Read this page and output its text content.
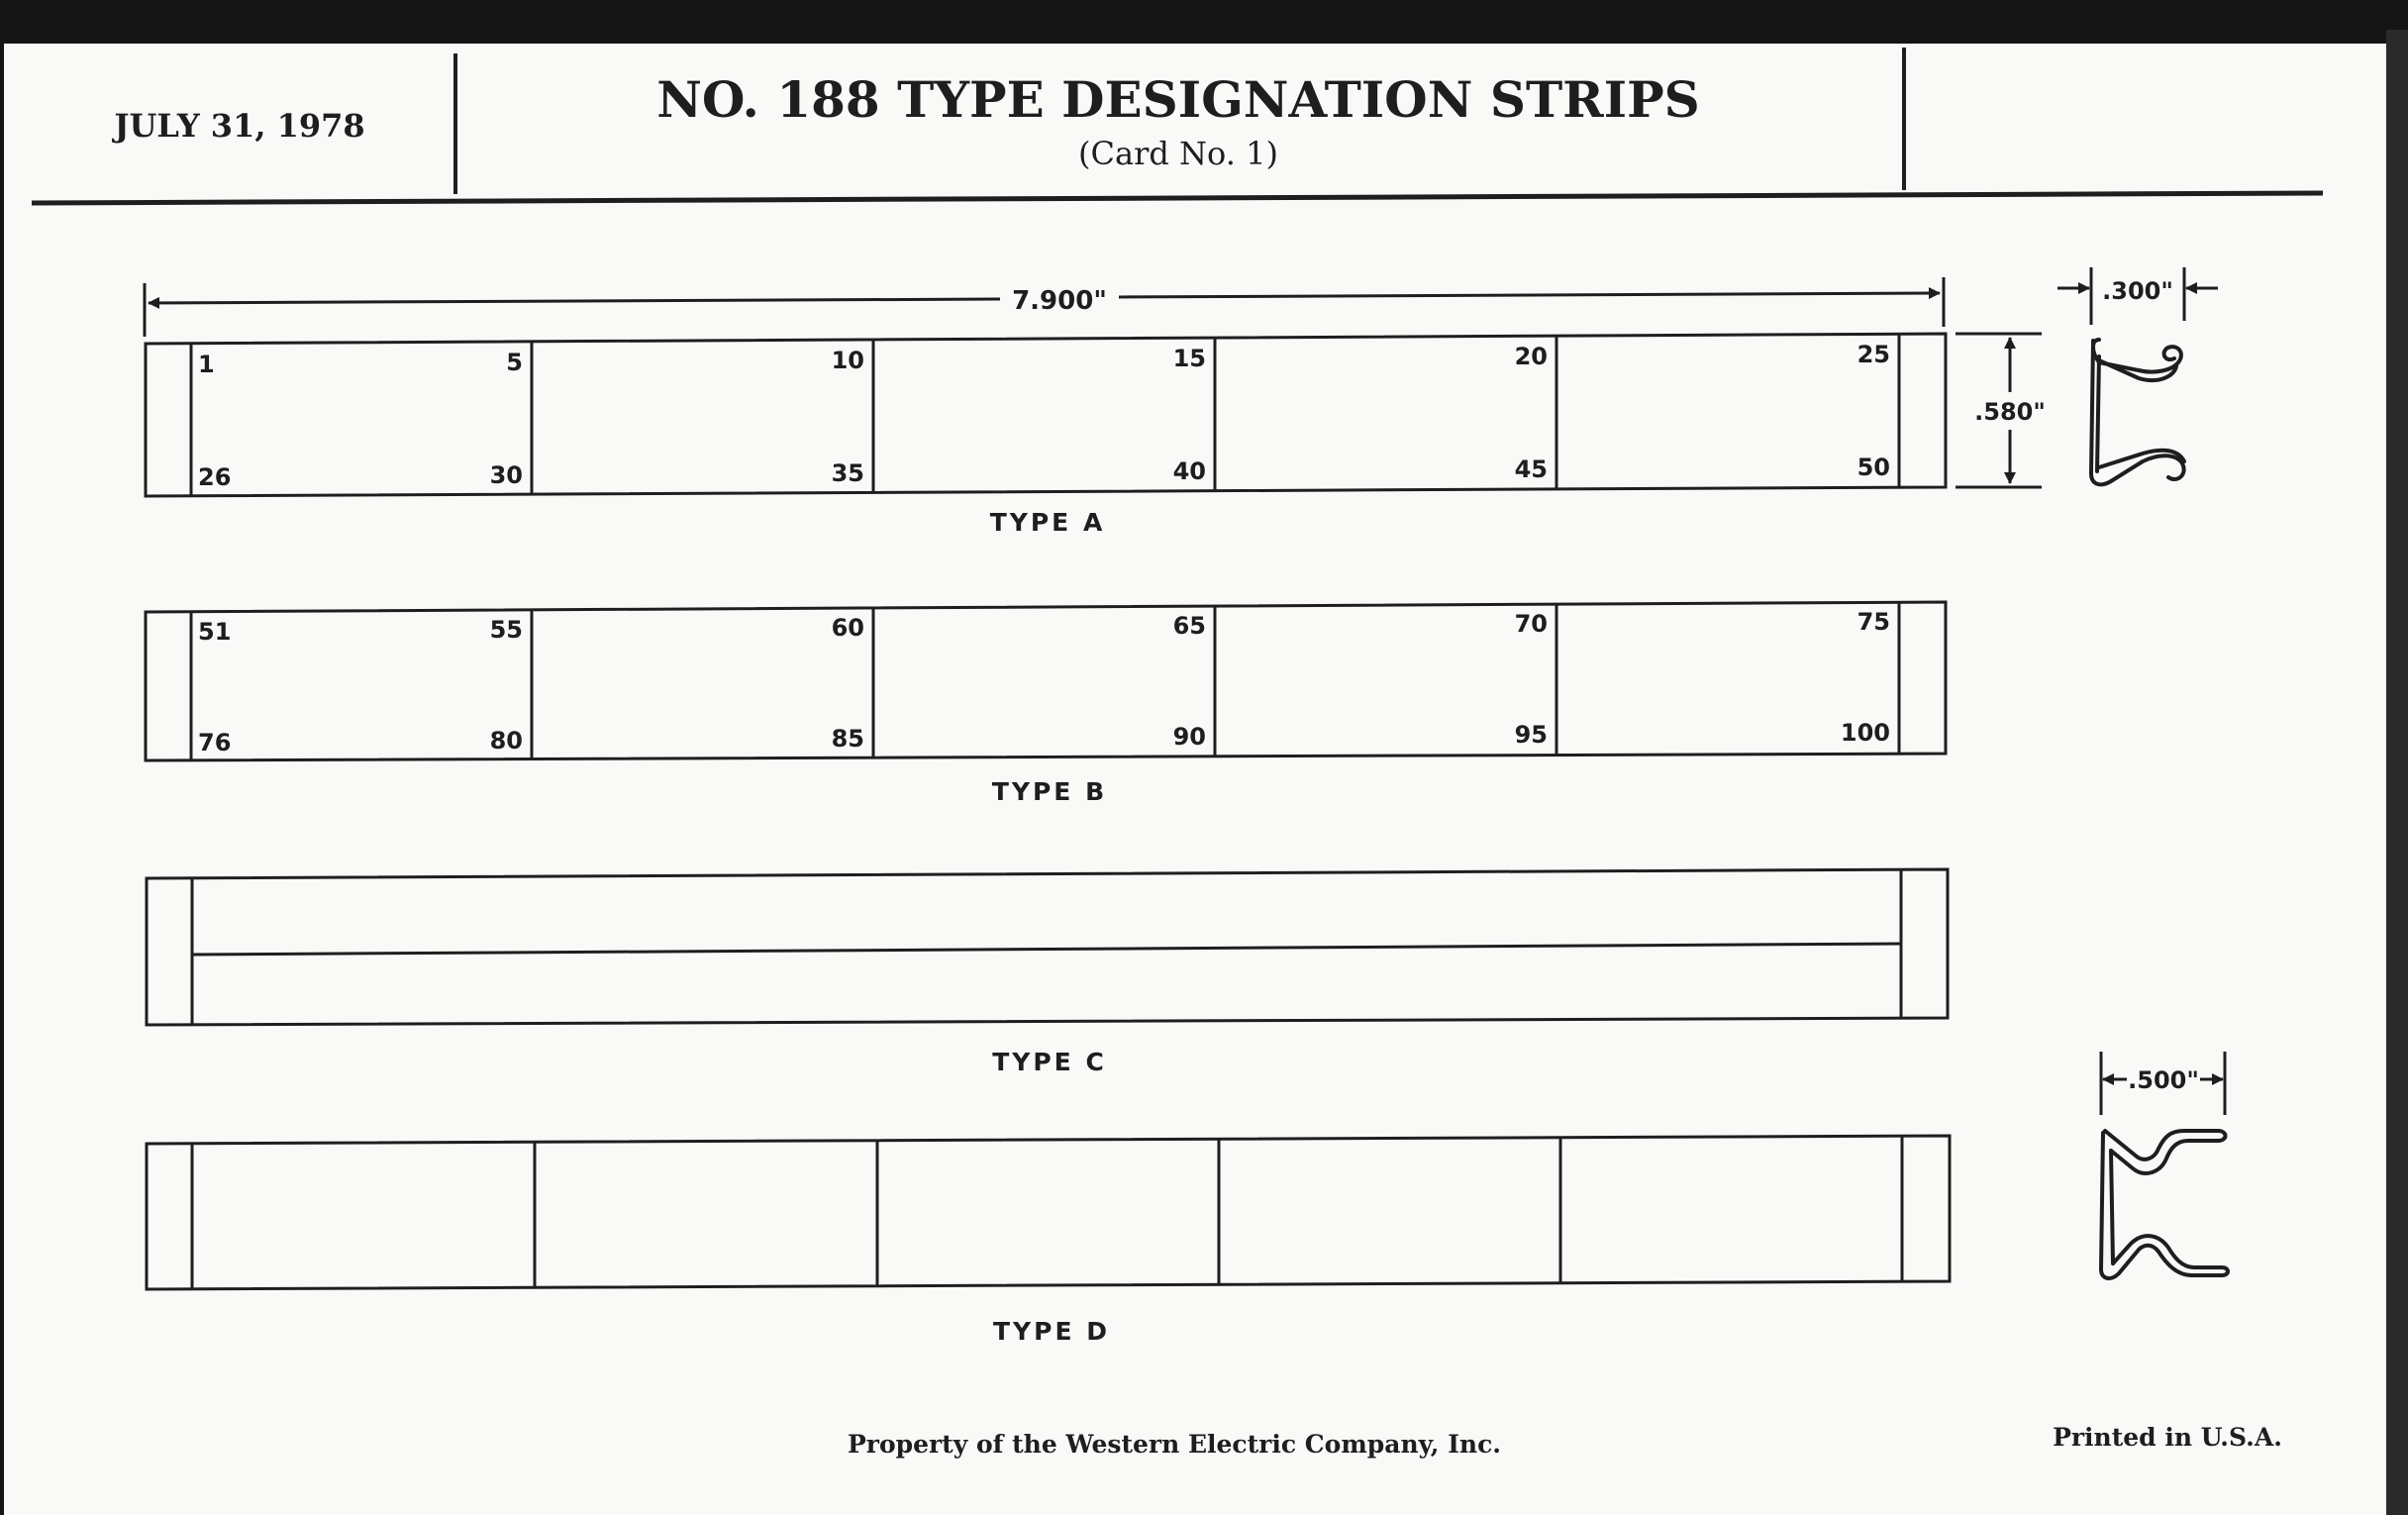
JULY 31, 1978	NO. 188 TYPE DESIGNATION STRIPS
(Card No. 1)
7.900"
1	5	10	15	20	25
26	30	35	40	45	50
TYPE A
.580"
.300"
51	55	60	65	70	75
76	80	85	90	95	100
TYPE B
TYPE C
TYPE D
.500"
Property of the Western Electric Company, Inc.	Printed in U.S.A.
